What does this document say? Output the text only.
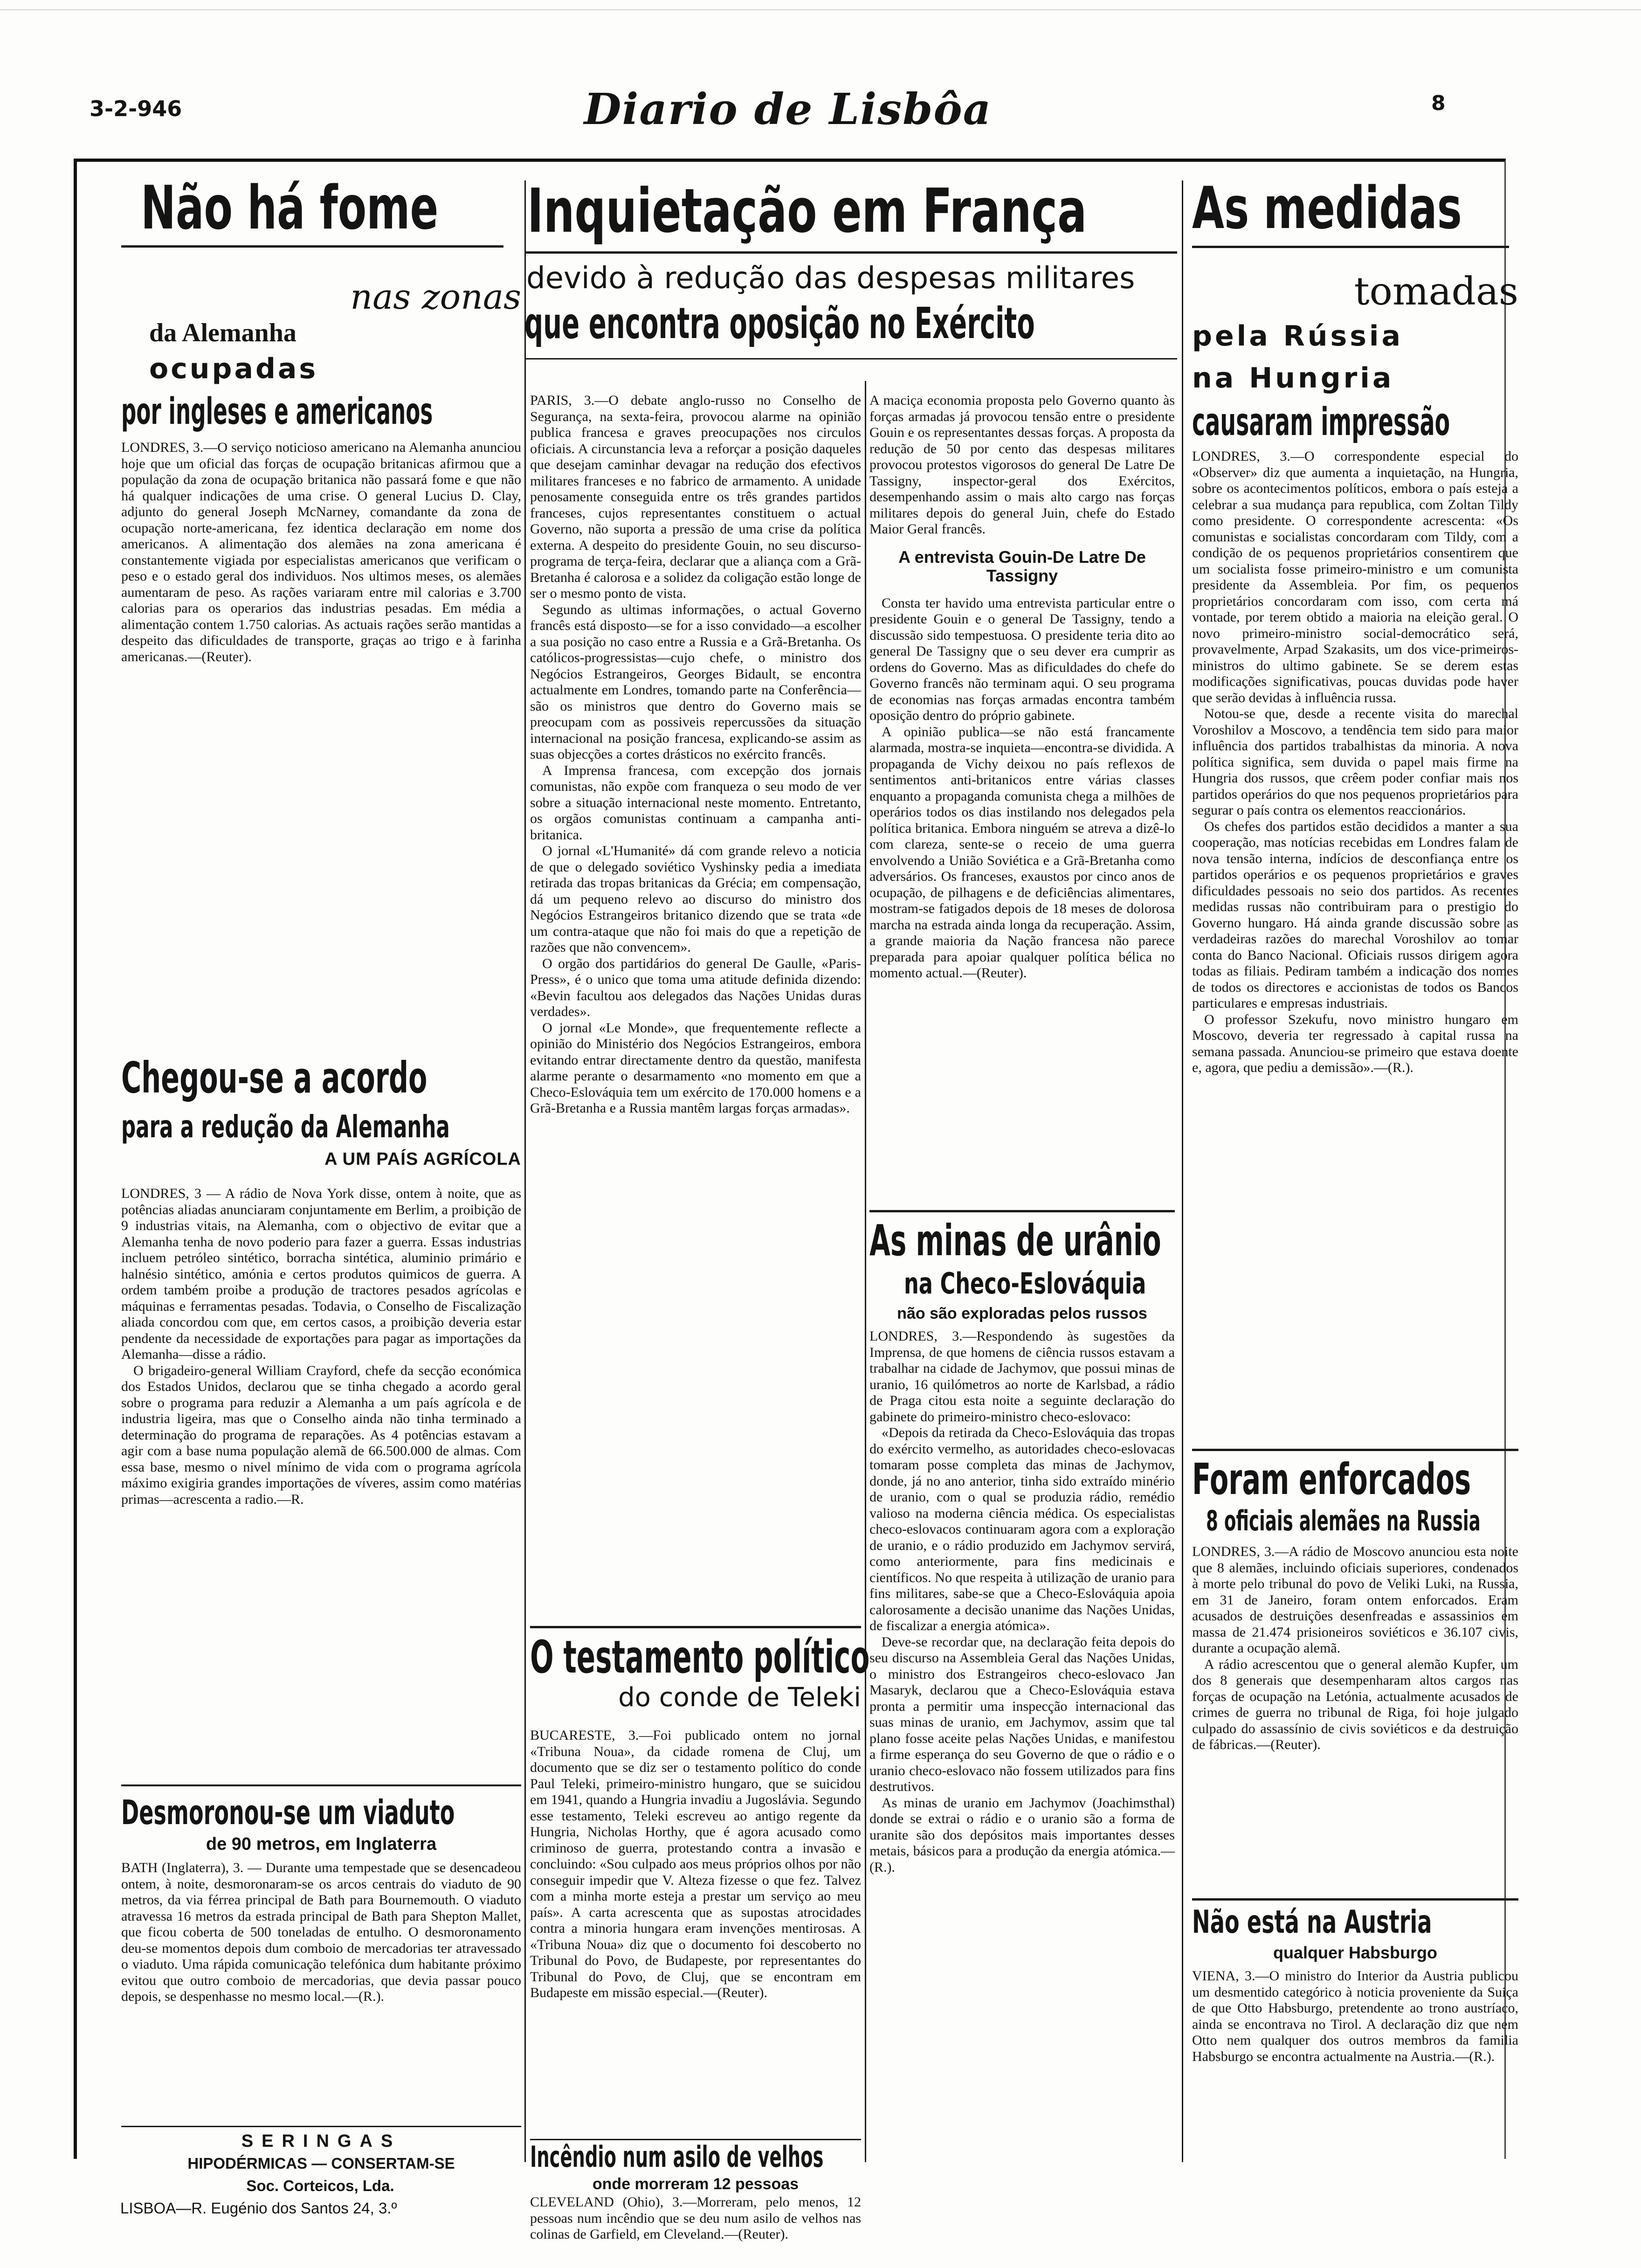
3-2-946	Diario de Lisbôa	8
Não há fome
nas zonas
da Alemanha
ocupadas
por ingleses e americanos

LONDRES, 3.—O serviço noticioso americano na Alemanha anunciou hoje que um oficial das forças de ocupação britanicas afirmou que a população da zona de ocupação britanica não passará fome e que não há qualquer indicações de uma crise. O general Lucius D. Clay, adjunto do general Joseph McNarney, comandante da zona de ocupação norte-americana, fez identica declaração em nome dos americanos. A alimentação dos alemães na zona americana é constantemente vigiada por especialistas americanos que verificam o peso e o estado geral dos individuos. Nos ultimos meses, os alemães aumentaram de peso. As rações variaram entre mil calorias e 3.700 calorias para os operarios das industrias pesadas. Em média a alimentação contem 1.750 calorias. As actuais rações serão mantidas a despeito das dificuldades de transporte, graças ao trigo e à farinha americanas.—(Reuter).

Chegou-se a acordo
para a redução da Alemanha
A UM PAÍS AGRÍCOLA

LONDRES, 3 — A rádio de Nova York disse, ontem à noite, que as potências aliadas anunciaram conjuntamente em Berlim, a proibição de 9 industrias vitais, na Alemanha, com o objectivo de evitar que a Alemanha tenha de novo poderio para fazer a guerra. Essas industrias incluem petróleo sintético, borracha sintética, aluminio primário e halnésio sintético, amónia e certos produtos quimicos de guerra. A ordem também proibe a produção de tractores pesados agrícolas e máquinas e ferramentas pesadas. Todavia, o Conselho de Fiscalização aliada concordou com que, em certos casos, a proibição deveria estar pendente da necessidade de exportações para pagar as importações da Alemanha—disse a rádio.

O brigadeiro-general William Crayford, chefe da secção económica dos Estados Unidos, declarou que se tinha chegado a acordo geral sobre o programa para reduzir a Alemanha a um país agrícola e de industria ligeira, mas que o Conselho ainda não tinha terminado a determinação do programa de reparações. As 4 potências estavam a agir com a base numa população alemã de 66.500.000 de almas. Com essa base, mesmo o nivel mínimo de vida com o programa agrícola máximo exigiria grandes importações de víveres, assim como matérias primas—acrescenta a radio.—R.

Desmoronou-se um viaduto
de 90 metros, em Inglaterra

BATH (Inglaterra), 3. — Durante uma tempestade que se desencadeou ontem, à noite, desmoronaram-se os arcos centrais do viaduto de 90 metros, da via férrea principal de Bath para Bournemouth. O viaduto atravessa 16 metros da estrada principal de Bath para Shepton Mallet, que ficou coberta de 500 toneladas de entulho. O desmoronamento deu-se momentos depois dum comboio de mercadorias ter atravessado o viaduto. Uma rápida comunicação telefónica dum habitante próximo evitou que outro comboio de mercadorias, que devia passar pouco depois, se despenhasse no mesmo local.—(R.).

SERINGAS
HIPODÉRMICAS — CONSERTAM-SE
Inquietação em França
devido à redução das despesas militares
que encontra oposição no Exército

PARIS, 3.—O debate anglo-russo no Conselho de Segurança, na sexta-feira, provocou alarme na opinião publica francesa e graves preocupações nos circulos oficiais. A circunstancia leva a reforçar a posição daqueles que desejam caminhar devagar na redução dos efectivos militares franceses e no fabrico de armamento. A unidade penosamente conseguida entre os três grandes partidos franceses, cujos representantes constituem o actual Governo, não suporta a pressão de uma crise da política externa. A despeito do presidente Gouin, no seu discurso-programa de terça-feira, declarar que a aliança com a Grã-Bretanha é calorosa e a solidez da coligação estão longe de ser o mesmo ponto de vista.

Segundo as ultimas informações, o actual Governo francês está disposto—se for a isso convidado—a escolher a sua posição no caso entre a Russia e a Grã-Bretanha. Os católicos-progressistas—cujo chefe, o ministro dos Negócios Estrangeiros, Georges Bidault, se encontra actualmente em Londres, tomando parte na Conferência—são os ministros que dentro do Governo mais se preocupam com as possiveis repercussões da situação internacional na posição francesa, explicando-se assim as suas objecções a cortes drásticos no exército francês.

A Imprensa francesa, com excepção dos jornais comunistas, não expõe com franqueza o seu modo de ver sobre a situação internacional neste momento. Entretanto, os orgãos comunistas continuam a campanha anti-britanica.

O jornal «L'Humanité» dá com grande relevo a noticia de que o delegado soviético Vyshinsky pedia a imediata retirada das tropas britanicas da Grécia; em compensação, dá um pequeno relevo ao discurso do ministro dos Negócios Estrangeiros britanico dizendo que se trata «de um contra-ataque que não foi mais do que a repetição de razões que não convencem».

O orgão dos partidários do general De Gaulle, «Paris-Press», é o unico que toma uma atitude definida dizendo: «Bevin facultou aos delegados das Nações Unidas duras verdades».

O jornal «Le Monde», que frequentemente reflecte a opinião do Ministério dos Negócios Estrangeiros, embora evitando entrar directamente dentro da questão, manifesta alarme perante o desarmamento «no momento em que a Checo-Eslováquia tem um exército de 170.000 homens e a Grã-Bretanha e a Russia mantêm largas forças armadas».

O testamento político
do conde de Teleki

BUCARESTE, 3.—Foi publicado ontem no jornal «Tribuna Noua», da cidade romena de Cluj, um documento que se diz ser o testamento político do conde Paul Teleki, primeiro-ministro hungaro, que se suicidou em 1941, quando a Hungria invadiu a Jugoslávia. Segundo esse testamento, Teleki escreveu ao antigo regente da Hungria, Nicholas Horthy, que é agora acusado como criminoso de guerra, protestando contra a invasão e concluindo: «Sou culpado aos meus próprios olhos por não conseguir impedir que V. Alteza fizesse o que fez. Talvez com a minha morte esteja a prestar um serviço ao meu país». A carta acrescenta que as supostas atrocidades contra a minoria hungara eram invenções mentirosas. A «Tribuna Noua» diz que o documento foi descoberto no Tribunal do Povo, de Budapeste, por representantes do Tribunal do Povo, de Cluj, que se encontram em Budapeste em missão especial.—(Reuter).

A maciça economia proposta pelo Governo quanto às forças armadas já provocou tensão entre o presidente Gouin e os representantes dessas forças. A proposta da redução de 50 por cento das despesas militares provocou protestos vigorosos do general De Latre De Tassigny, inspector-geral dos Exércitos, desempenhando assim o mais alto cargo nas forças militares depois do general Juin, chefe do Estado Maior Geral francês.

A entrevista Gouin-De Latre De Tassigny

Consta ter havido uma entrevista particular entre o presidente Gouin e o general De Tassigny, tendo a discussão sido tempestuosa. O presidente teria dito ao general De Tassigny que o seu dever era cumprir as ordens do Governo. Mas as dificuldades do chefe do Governo francês não terminam aqui. O seu programa de economias nas forças armadas encontra também oposição dentro do próprio gabinete.

A opinião publica—se não está francamente alarmada, mostra-se inquieta—encontra-se dividida. A propaganda de Vichy deixou no país reflexos de sentimentos anti-britanicos entre várias classes enquanto a propaganda comunista chega a milhões de operários todos os dias instilando nos delegados pela política britanica. Embora ninguém se atreva a dizê-lo com clareza, sente-se o receio de uma guerra envolvendo a União Soviética e a Grã-Bretanha como adversários. Os franceses, exaustos por cinco anos de ocupação, de pilhagens e de deficiências alimentares, mostram-se fatigados depois de 18 meses de dolorosa marcha na estrada ainda longa da recuperação. Assim, a grande maioria da Nação francesa não parece preparada para apoiar qualquer política bélica no momento actual.—(Reuter).

As minas de urânio
na Checo-Eslováquia
não são exploradas pelos russos

LONDRES, 3.—Respondendo às sugestões da Imprensa, de que homens de ciência russos estavam a trabalhar na cidade de Jachymov, que possui minas de uranio, 16 quilómetros ao norte de Karlsbad, a rádio de Praga citou esta noite a seguinte declaração do gabinete do primeiro-ministro checo-eslovaco:

«Depois da retirada da Checo-Eslováquia das tropas do exército vermelho, as autoridades checo-eslovacas tomaram posse completa das minas de Jachymov, donde, já no ano anterior, tinha sido extraído minério de uranio, com o qual se produzia rádio, remédio valioso na moderna ciência médica. Os especialistas checo-eslovacos continuaram agora com a exploração de uranio, e o rádio produzido em Jachymov servirá, como anteriormente, para fins medicinais e científicos. No que respeita à utilização de uranio para fins militares, sabe-se que a Checo-Eslováquia apoia calorosamente a decisão unanime das Nações Unidas, de fiscalizar a energia atómica».

Deve-se recordar que, na declaração feita depois do seu discurso na Assembleia Geral das Nações Unidas, o ministro dos Estrangeiros checo-eslovaco Jan Masaryk, declarou que a Checo-Eslováquia estava pronta a permitir uma inspecção internacional das suas minas de uranio, em Jachymov, assim que tal plano fosse aceite pelas Nações Unidas, e manifestou a firme esperança do seu Governo de que o rádio e o uranio checo-eslovaco não fossem utilizados para fins destrutivos.

As minas de uranio em Jachymov (Joachimsthal) donde se extrai o rádio e o uranio são a forma de uranite são dos depósitos mais importantes desses metais, básicos para a produção da energia atómica.—(R.).

As medidas
tomadas
pela Rússia
na Hungria
causaram impressão

LONDRES, 3.—O correspondente especial do «Observer» diz que aumenta a inquietação, na Hungria, sobre os acontecimentos políticos, embora o país esteja a celebrar a sua mudança para republica, com Zoltan Tildy como presidente. O correspondente acrescenta: «Os comunistas e socialistas concordaram com Tildy, com a condição de os pequenos proprietários consentirem que um socialista fosse primeiro-ministro e um comunista presidente da Assembleia. Por fim, os pequenos proprietários concordaram com isso, com certa má vontade, por terem obtido a maioria na eleição geral. O novo primeiro-ministro social-democrático será, provavelmente, Arpad Szakasits, um dos vice-primeiros-ministros do ultimo gabinete. Se se derem estas modificações significativas, poucas duvidas pode haver que serão devidas à influência russa.

Notou-se que, desde a recente visita do marechal Voroshilov a Moscovo, a tendência tem sido para maior influência dos partidos trabalhistas da minoria. A nova política significa, sem duvida o papel mais firme na Hungria dos russos, que crêem poder confiar mais nos partidos operários do que nos pequenos proprietários para segurar o país contra os elementos reaccionários.

Os chefes dos partidos estão decididos a manter a sua cooperação, mas notícias recebidas em Londres falam de nova tensão interna, indícios de desconfiança entre os partidos operários e os pequenos proprietários e graves dificuldades pessoais no seio dos partidos. As recentes medidas russas não contribuiram para o prestigio do Governo hungaro. Há ainda grande discussão sobre as verdadeiras razões do marechal Voroshilov ao tomar conta do Banco Nacional. Oficiais russos dirigem agora todas as filiais. Pediram também a indicação dos nomes de todos os directores e accionistas de todos os Bancos particulares e empresas industriais.

O professor Szekufu, novo ministro hungaro em Moscovo, deveria ter regressado à capital russa na semana passada. Anunciou-se primeiro que estava doente e, agora, que pediu a demissão».—(R.).

Foram enforcados
8 oficiais alemães na Russia

LONDRES, 3.—A rádio de Moscovo anunciou esta noite que 8 alemães, incluindo oficiais superiores, condenados à morte pelo tribunal do povo de Veliki Luki, na Russia, em 31 de Janeiro, foram ontem enforcados. Eram acusados de destruições desenfreadas e assassinios em massa de 21.474 prisioneiros soviéticos e 36.107 civis, durante a ocupação alemã.

A rádio acrescentou que o general alemão Kupfer, um dos 8 generais que desempenharam altos cargos nas forças de ocupação na Letónia, actualmente acusados de crimes de guerra no tribunal de Riga, foi hoje julgado culpado do assassínio de civis soviéticos e da destruição de fábricas.—(Reuter).

Não está na Austria
qualquer Habsburgo

VIENA, 3.—O ministro do Interior da Austria publicou um desmentido categórico à noticia proveniente da Suiça de que Otto Habsburgo, pretendente ao trono austríaco, ainda se encontrava no Tirol. A declaração diz que nem Otto nem qualquer dos outros membros da familia Habsburgo se encontra actualmente na Austria.—(R.).

Soc. Corteicos, Lda.
LISBOA—R. Eugénio dos Santos 24, 3.º
Incêndio num asilo de velhos
onde morreram 12 pessoas

CLEVELAND (Ohio), 3.—Morreram, pelo menos, 12 pessoas num incêndio que se deu num asilo de velhos nas colinas de Garfield, em Cleveland.—(Reuter).
